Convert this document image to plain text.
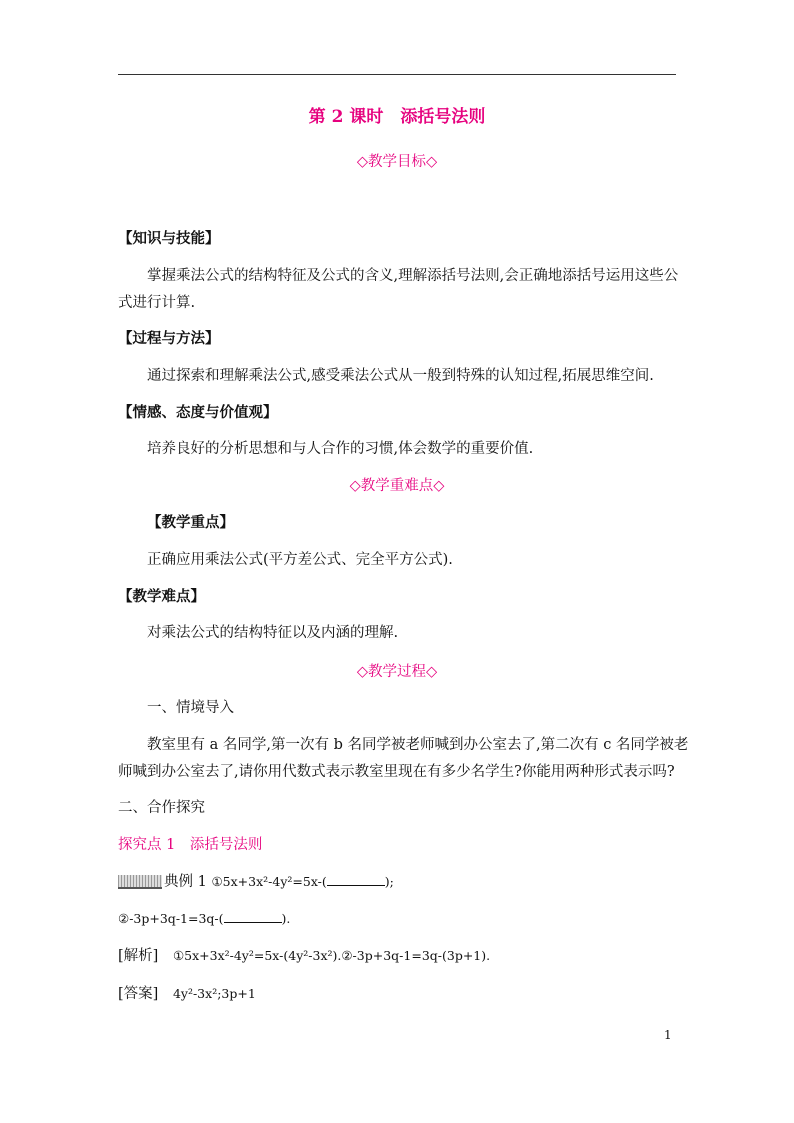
第 2 课时　添括号法则
◇教学目标◇
【知识与技能】
掌握乘法公式的结构特征及公式的含义,理解添括号法则,会正确地添括号运用这些公
式进行计算.
【过程与方法】
通过探索和理解乘法公式,感受乘法公式从一般到特殊的认知过程,拓展思维空间.
【情感、态度与价值观】
培养良好的分析思想和与人合作的习惯,体会数学的重要价值.
◇教学重难点◇
【教学重点】
正确应用乘法公式(平方差公式、完全平方公式).
【教学难点】
对乘法公式的结构特征以及内涵的理解.
◇教学过程◇
一、情境导入
教室里有 a 名同学,第一次有 b 名同学被老师喊到办公室去了,第二次有 c 名同学被老
师喊到办公室去了,请你用代数式表示教室里现在有多少名学生?你能用两种形式表示吗?
二、合作探究
探究点 1　添括号法则
典例 1 ①5x+3x²-4y²=5x-(	);
②-3p+3q-1=3q-(	).
[解析] ①5x+3x²-4y²=5x-(4y²-3x²).②-3p+3q-1=3q-(3p+1).
[答案] 4y²-3x²;3p+1
1
